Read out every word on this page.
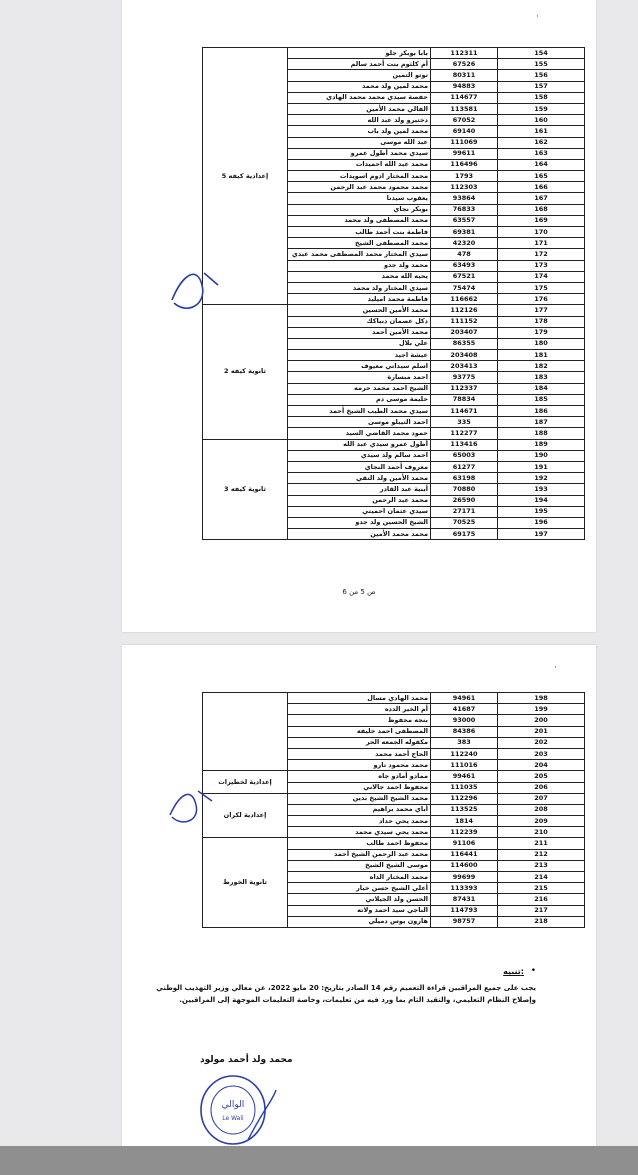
·
إعدادية كيفه 5	بابا بوبكر جلو	112311	154
	أم كلثوم بنت أحمد سالم	67526	155
	توتو التمين	80311	156
	محمد لمين ولد محمد	94883	157
	حفصة سيدي محمد محمد الهادي	114677	158
	الفالي محمد الأمين	113581	159
	دختيرو ولد عبد الله	67052	160
	محمد لمين ولد باب	69140	161
	عبد الله موسى	111069	162
	سيدي محمد أطول عمرو	99611	163
	محمد عبد الله احميدات	116496	164
	محمد المختار ادوم اسويدات	1793	165
	محمد محمود محمد عبد الرحمن	112303	166
	يعقوب سيدنا	93864	167
	بوبكر نجاي	76833	168
	محمد المصطفى ولد محمد	63557	169
	فاطمة بنت أحمد طالب	69381	170
	محمد المصطفى الشيخ	42320	171
	سيدي المختار محمد المصطفى محمد عبدي	478	172
	محمد ولد جدو	63493	173
	يحيه الله محمد	67521	174
	سيدي المختار ولد محمد	75474	175
	فاطمة محمد اميليد	116662	176
ثانوية كيفه 2	محمد الأمين الحسين	112126	177
	دكل عصمان دنباكك	111152	178
	محمد الأمين أحمد	203407	179
	علي بلال	86355	180
	عيشة اجيد	203408	181
	اسلم سيداتي معيوف	203413	182
	احمد مبسارة	93775	183
	الشيخ احمد محمد حرمه	112337	184
	حليمة موسى دم	78834	185
	سيدي محمد الطيب الشيخ أحمد	114671	186
	احمد التيبلو موسى	335	187
	حمود محمد القاضي السيد	112277	188
ثانوية كيفه 3	أطول عمرو سيدي عبد الله	113416	189
	احمد سالم ولد سيدي	65003	190
	معروف أحمد النجاي	61277	191
	محمد الأمين ولد التقي	63198	192
	أبنية عبد القادر	70880	193
	محمد عبد الرحمن	26590	194
	سيدي عثمان احميتي	27171	195
	الشيخ الحسين ولد جدو	70525	196
	محمد محمد الأمين	69175	197
ص 5 من 6
·
	محمد الهادي مسال	94961	198
	أم الخير الدده	41687	199
	بنجه محفوظ	93000	200
	المصطفى احمد خليفه	84386	201
	مكفوله الجمعه الحر	383	202
	الحاج أحمد محمد	112240	203
	محمد محمود تارو	111016	204
إعدادية لخطيرات	ممادو أمادو جاه	99461	205
	محفوظ احمد جالاني	111035	206
إعدادية لكران	محمد الشيخ الشيخ بدين	112296	207
	أباي محمد براهيم	113525	208
	محمد يحي حداد	1814	209
	محمد يحي سيدي محمد	112239	210
ثانوية الخورط	محفوظ احمد طالب	91106	211
	محمد عبد الرحمن الشيخ أحمد	116441	212
	موسى الشيخ الشيخ	114600	213
	محمد المختار الداه	99699	214
	أعلي الشيخ حسن خيار	113393	215
	الحسن ولد الجيلاني	87431	216
	الناجي سيد احمد ولاته	114793	217
	هارون يوس دميلي	98757	218
•
تنبيه:
يجب على جميع المراقبين قراءة التعميم رقم 14 الصادر بتاريخ: 20 مايو 2022، عن معالي وزير التهذيب الوطني وإصلاح النظام التعليمي، والتقيد التام بما ورد فيه من تعليمات، وخاصة التعليمات الموجهة إلى المراقبين.
محمد ولد أحمد مولود
الوالي
Le Wali
